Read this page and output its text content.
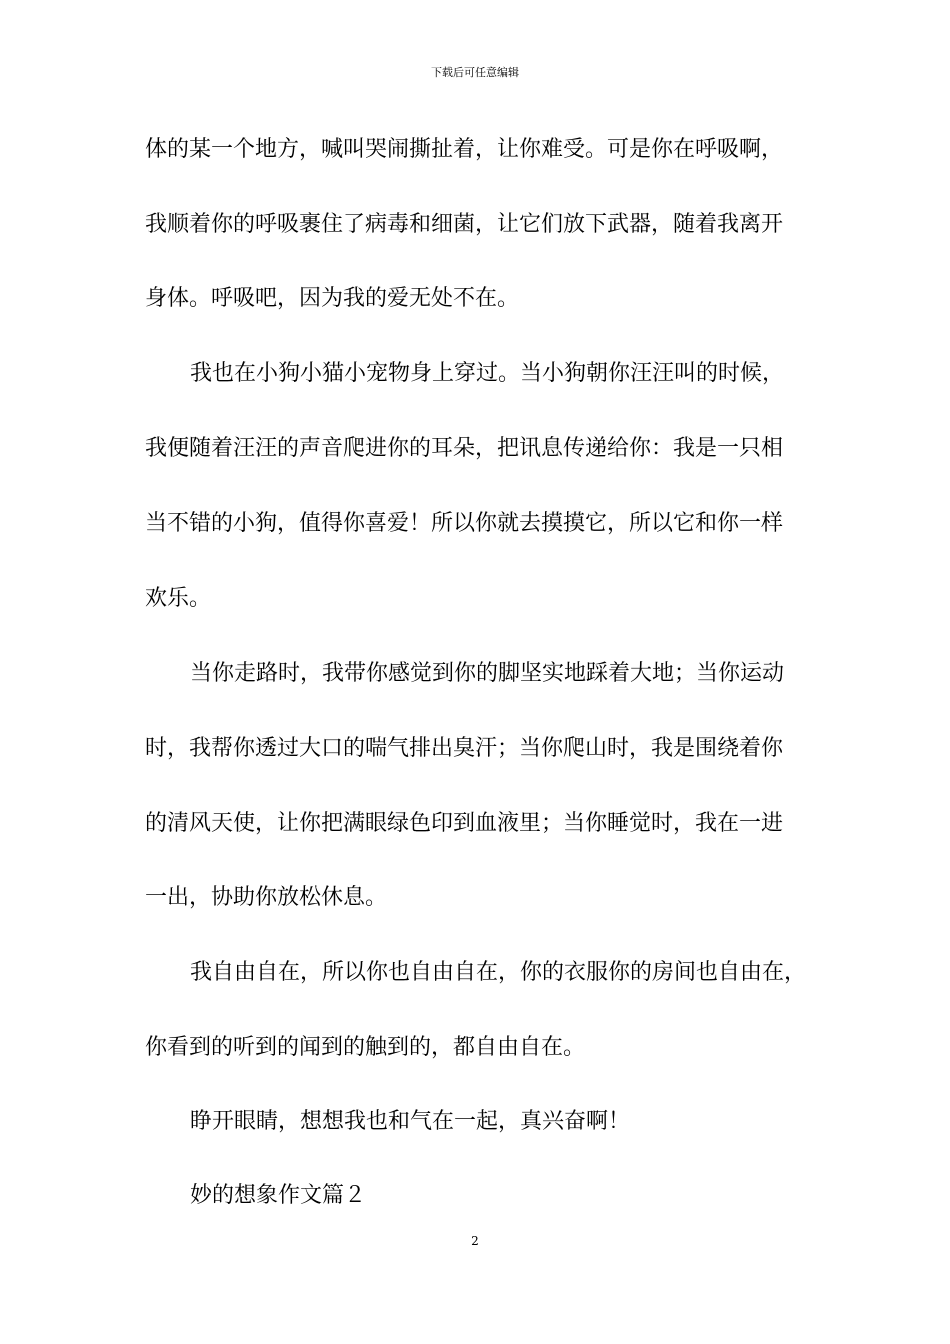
下载后可任意编辑
体的某一个地方，喊叫哭闹撕扯着，让你难受。可是你在呼吸啊，
我顺着你的呼吸裹住了病毒和细菌，让它们放下武器，随着我离开
身体。呼吸吧，因为我的爱无处不在。
我也在小狗小猫小宠物身上穿过。当小狗朝你汪汪叫的时候，
我便随着汪汪的声音爬进你的耳朵，把讯息传递给你：我是一只相
当不错的小狗，值得你喜爱！所以你就去摸摸它，所以它和你一样
欢乐。
当你走路时，我带你感觉到你的脚坚实地踩着大地；当你运动
时，我帮你透过大口的喘气排出臭汗；当你爬山时，我是围绕着你
的清风天使，让你把满眼绿色印到血液里；当你睡觉时，我在一进
一出，协助你放松休息。
我自由自在，所以你也自由自在，你的衣服你的房间也自由在，
你看到的听到的闻到的触到的，都自由自在。
睁开眼睛，想想我也和气在一起，真兴奋啊！
妙的想象作文篇２
2
